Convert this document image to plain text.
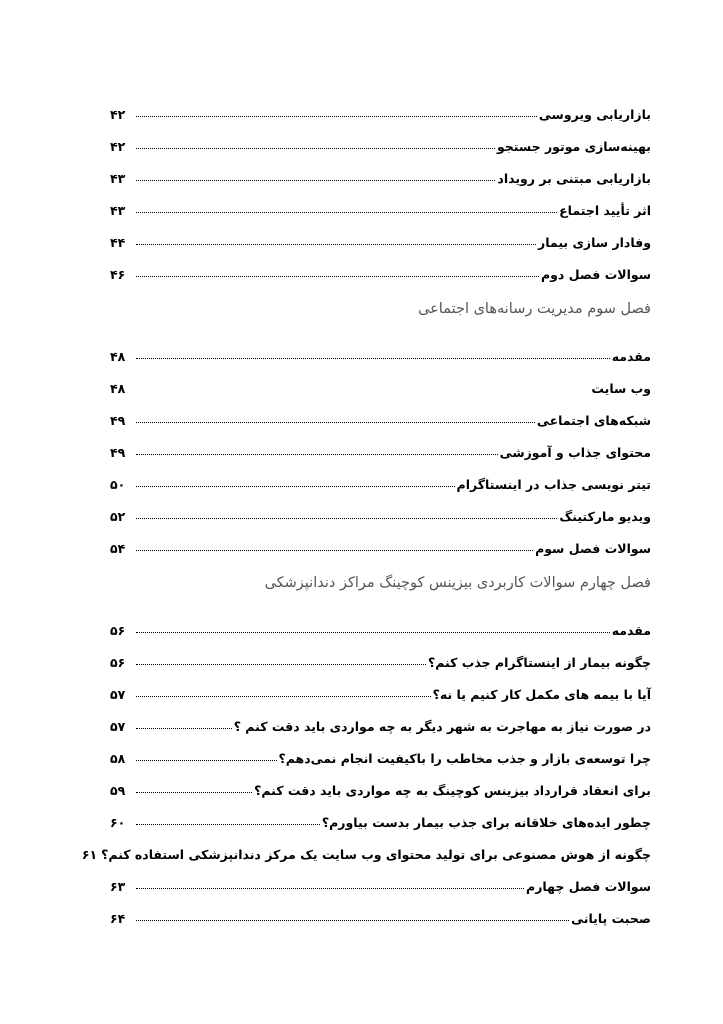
بازاریابی ویروسی
۴۲
بهینه‌سازی موتور جستجو
۴۲
بازاریابی مبتنی بر رویداد
۴۳
اثر تأیید اجتماع
۴۳
وفادار سازی بیمار
۴۴
سوالات فصل دوم
۴۶
فصل سوم مدیریت رسانه‌های اجتماعی
مقدمه
۴۸
وب سایت
۴۸
شبکه‌های اجتماعی
۴۹
محتوای جذاب و آموزشی
۴۹
تیتر نویسی جذاب در اینستاگرام
۵۰
ویدیو مارکتینگ
۵۲
سوالات فصل سوم
۵۴
فصل چهارم سوالات کاربردی بیزینس کوچینگ مراکز دندانپزشکی
مقدمه
۵۶
چگونه بیمار از اینستاگرام جذب کنم؟
۵۶
آیا با بیمه های مکمل کار کنیم یا نه؟
۵۷
در صورت نیاز به مهاجرت به شهر دیگر به چه مواردی باید دقت کنم ؟
۵۷
چرا توسعه‌ی بازار و جذب مخاطب را باکیفیت انجام نمی‌دهم؟
۵۸
برای انعقاد قرارداد بیزینس کوچینگ به چه مواردی باید دقت کنم؟
۵۹
چطور ایده‌های خلاقانه برای جذب بیمار بدست بیاورم؟
۶۰
چگونه از هوش مصنوعی برای تولید محتوای وب سایت یک مرکز دندانپزشکی استفاده کنم؟
۶۱
سوالات فصل چهارم
۶۳
صحبت پایانی
۶۴
